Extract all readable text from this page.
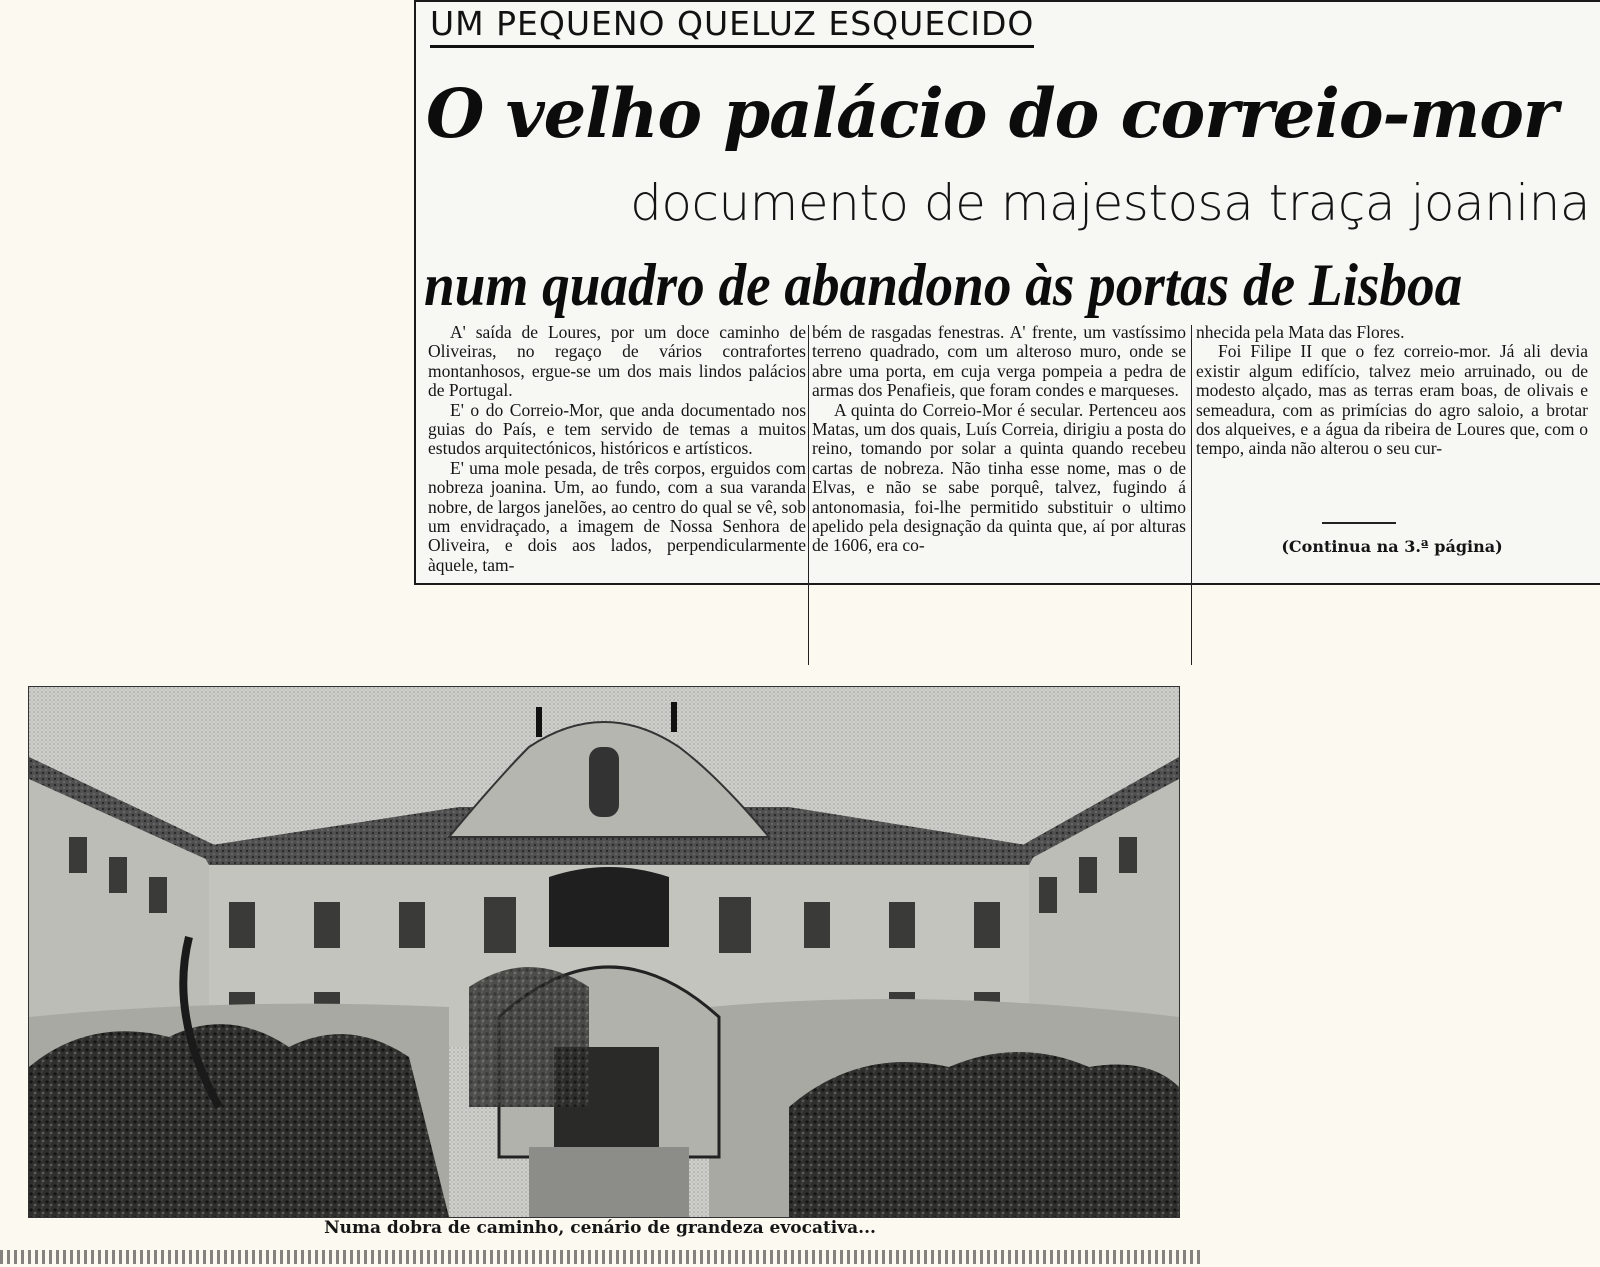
UM PEQUENO QUELUZ ESQUECIDO
O velho palácio do correio-mor
documento de majestosa traça joanina
num quadro de abandono às portas de Lisboa

A' saída de Loures, por um doce caminho de Oliveiras, no regaço de vários contrafortes montanhosos, ergue-se um dos mais lindos palácios de Portugal.

E' o do Correio-Mor, que anda documentado nos guias do País, e tem servido de temas a muitos estudos arquitectónicos, históricos e artísticos.

E' uma mole pesada, de três corpos, erguidos com nobreza joanina. Um, ao fundo, com a sua varanda nobre, de largos janelões, ao centro do qual se vê, sob um envidraçado, a imagem de Nossa Senhora de Oliveira, e dois aos lados, perpendicularmente àquele, tam-

bém de rasgadas fenestras. A' frente, um vastíssimo terreno quadrado, com um alteroso muro, onde se abre uma porta, em cuja verga pompeia a pedra de armas dos Penafieis, que foram condes e marqueses.

A quinta do Correio-Mor é secular. Pertenceu aos Matas, um dos quais, Luís Correia, dirigiu a posta do reino, tomando por solar a quinta quando recebeu cartas de nobreza. Não tinha esse nome, mas o de Elvas, e não se sabe porquê, talvez, fugindo á antonomasia, foi-lhe permitido substituir o ultimo apelido pela designação da quinta que, aí por alturas de 1606, era co-

nhecida pela Mata das Flores.

Foi Filipe II que o fez correio-mor. Já ali devia existir algum edifício, talvez meio arruinado, ou de modesto alçado, mas as terras eram boas, de olivais e semeadura, com as primícias do agro saloio, a brotar dos alqueives, e a água da ribeira de Loures que, com o tempo, ainda não alterou o seu cur-

(Continua na 3.ª página)
Numa dobra de caminho, cenário de grandeza evocativa...
